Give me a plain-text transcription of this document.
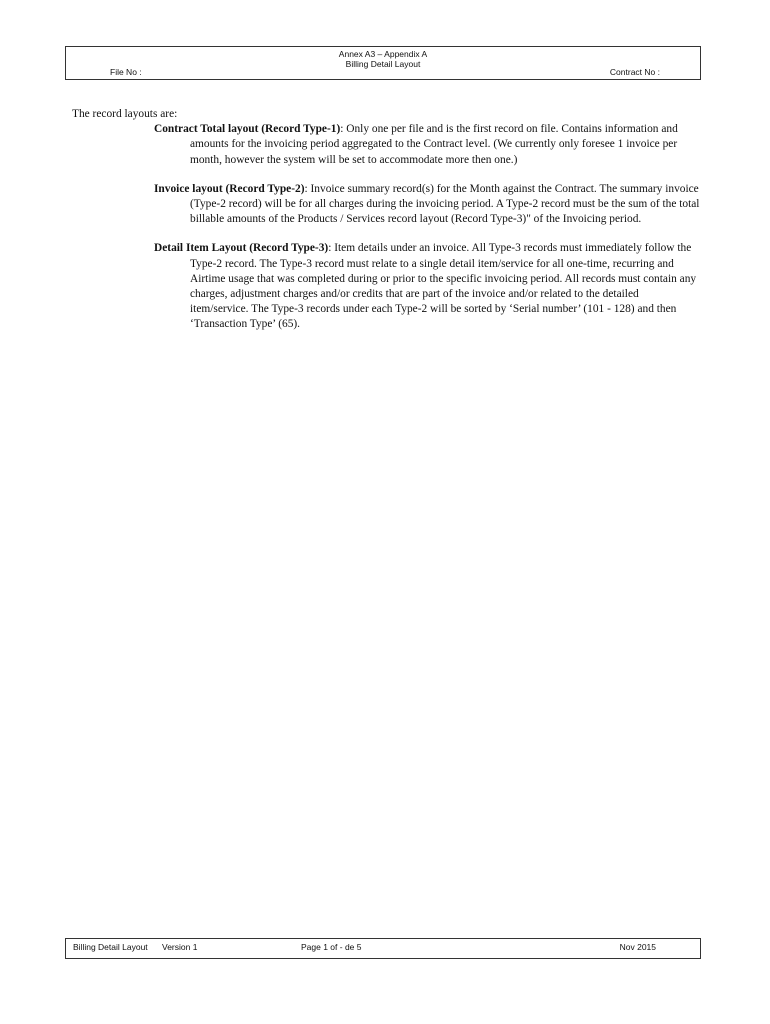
Annex A3 – Appendix A
Billing Detail Layout
File No :	Contract No :

The record layouts are:

Contract Total layout (Record Type-1): Only one per file and is the first record on file. Contains information and amounts for the invoicing period aggregated to the Contract level. (We currently only foresee 1 invoice per month, however the system will be set to accommodate more then one.)

Invoice layout (Record Type-2): Invoice summary record(s) for the Month against the Contract. The summary invoice (Type-2 record) will be for all charges during the invoicing period. A Type-2 record must be the sum of the total billable amounts of the Products / Services record layout (Record Type-3)" of the Invoicing period.

Detail Item Layout (Record Type-3): Item details under an invoice. All Type-3 records must immediately follow the Type-2 record. The Type-3 record must relate to a single detail item/service for all one-time, recurring and Airtime usage that was completed during or prior to the specific invoicing period. All records must contain any charges, adjustment charges and/or credits that are part of the invoice and/or related to the detailed item/service. The Type-3 records under each Type-2 will be sorted by ‘Serial number’ (101 - 128) and then ‘Transaction Type’ (65).

Billing Detail Layout Version 1	Page 1 of - de 5	Nov 2015
